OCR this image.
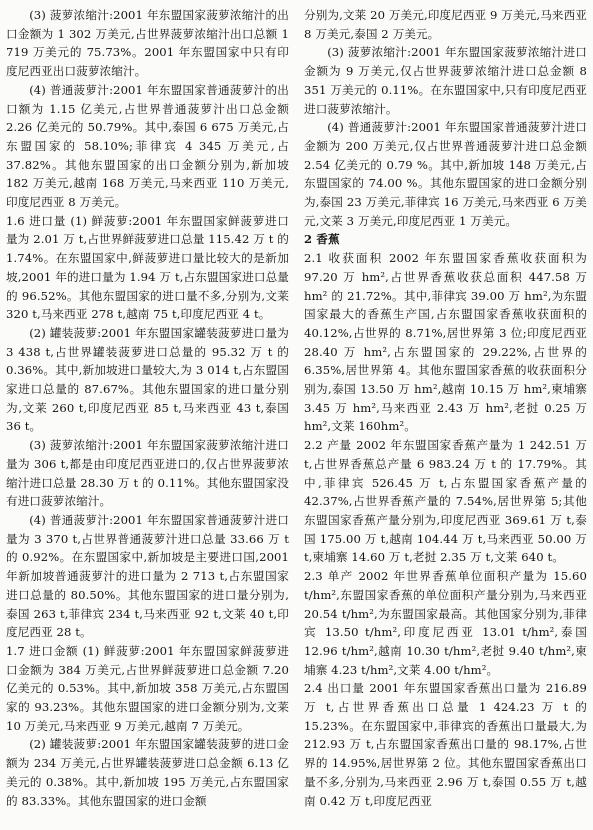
(3) 菠萝浓缩汁:2001 年东盟国家菠萝浓缩汁的出口金额为 1 302 万美元,占世界菠萝浓缩汁出口总额 1 719 万美元的 75.73%。2001 年东盟国家中只有印度尼西亚出口菠萝浓缩汁。

(4) 普通菠萝汁:2001 年东盟国家普通菠萝汁的出口额为 1.15 亿美元,占世界普通菠萝汁出口总金额 2.26 亿美元的 50.79%。其中,泰国 6 675 万美元,占东盟国家的 58.10%;菲律宾 4 345 万美元,占 37.82%。其他东盟国家的出口金额分别为,新加坡 182 万美元,越南 168 万美元,马来西亚 110 万美元,印度尼西亚 8 万美元。

1.6 进口量 (1) 鲜菠萝:2001 年东盟国家鲜菠萝进口量为 2.01 万 t,占世界鲜菠萝进口总量 115.42 万 t 的 1.74%。在东盟国家中,鲜菠萝进口量比较大的是新加坡,2001 年的进口量为 1.94 万 t,占东盟国家进口总量的 96.52%。其他东盟国家的进口量不多,分别为,文莱 320 t,马来西亚 278 t,越南 75 t,印度尼西亚 4 t。

(2) 罐装菠萝:2001 年东盟国家罐装菠萝进口量为 3 438 t,占世界罐装菠萝进口总量的 95.32 万 t 的 0.36%。其中,新加坡进口量较大,为 3 014 t,占东盟国家进口总量的 87.67%。其他东盟国家的进口量分别为,文莱 260 t,印度尼西亚 85 t,马来西亚 43 t,泰国 36 t。

(3) 菠萝浓缩汁:2001 年东盟国家菠萝浓缩汁进口量为 306 t,都是由印度尼西亚进口的,仅占世界菠萝浓缩汁进口总量 28.30 万 t 的 0.11%。其他东盟国家没有进口菠萝浓缩汁。

(4) 普通菠萝汁:2001 年东盟国家普通菠萝汁进口量为 3 370 t,占世界普通菠萝汁进口总量 33.66 万 t 的 0.92%。在东盟国家中,新加坡是主要进口国,2001 年新加坡普通菠萝汁的进口量为 2 713 t,占东盟国家进口总量的 80.50%。其他东盟国家的进口量分别为,泰国 263 t,菲律宾 234 t,马来西亚 92 t,文莱 40 t,印度尼西亚 28 t。

1.7 进口金额 (1) 鲜菠萝:2001 年东盟国家鲜菠萝进口金额为 384 万美元,占世界鲜菠萝进口总金额 7.20 亿美元的 0.53%。其中,新加坡 358 万美元,占东盟国家的 93.23%。其他东盟国家的进口金额分别为,文莱 10 万美元,马来西亚 9 万美元,越南 7 万美元。

(2) 罐装菠萝:2001 年东盟国家罐装菠萝的进口金额为 234 万美元,占世界罐装菠萝进口总金额 6.13 亿美元的 0.38%。其中,新加坡 195 万美元,占东盟国家的 83.33%。其他东盟国家的进口金额

分别为,文莱 20 万美元,印度尼西亚 9 万美元,马来西亚 8 万美元,泰国 2 万美元。

(3) 菠萝浓缩汁:2001 年东盟国家菠萝浓缩汁进口金额为 9 万美元,仅占世界菠萝浓缩汁进口总金额 8 351 万美元的 0.11%。在东盟国家中,只有印度尼西亚进口菠萝浓缩汁。

(4) 普通菠萝汁:2001 年东盟国家普通菠萝汁进口金额为 200 万美元,仅占世界普通菠萝汁进口总金额 2.54 亿美元的 0.79 %。其中,新加坡 148 万美元,占东盟国家的 74.00 %。其他东盟国家的进口金额分别为,泰国 23 万美元,菲律宾 16 万美元,马来西亚 6 万美元,文莱 3 万美元,印度尼西亚 1 万美元。

2 香蕉

2.1 收获面积 2002 年东盟国家香蕉收获面积为 97.20 万 hm²,占世界香蕉收获总面积 447.58 万 hm² 的 21.72%。其中,菲律宾 39.00 万 hm²,为东盟国家最大的香蕉生产国,占东盟国家香蕉收获面积的 40.12%,占世界的 8.71%,居世界第 3 位;印度尼西亚 28.40 万 hm²,占东盟国家的 29.22%,占世界的 6.35%,居世界第 4。其他东盟国家香蕉的收获面积分别为,泰国 13.50 万 hm²,越南 10.15 万 hm²,柬埔寨 3.45 万 hm²,马来西亚 2.43 万 hm²,老挝 0.25 万 hm²,文莱 160hm²。

2.2 产量 2002 年东盟国家香蕉产量为 1 242.51 万 t,占世界香蕉总产量 6 983.24 万 t 的 17.79%。其中,菲律宾 526.45 万 t,占东盟国家香蕉产量的 42.37%,占世界香蕉产量的 7.54%,居世界第 5;其他东盟国家香蕉产量分别为,印度尼西亚 369.61 万 t,泰国 175.00 万 t,越南 104.44 万 t,马来西亚 50.00 万 t,柬埔寨 14.60 万 t,老挝 2.35 万 t,文莱 640 t。

2.3 单产 2002 年世界香蕉单位面积产量为 15.60 t/hm²,东盟国家香蕉的单位面积产量分别为,马来西亚 20.54 t/hm²,为东盟国家最高。其他国家分别为,菲律宾 13.50 t/hm²,印度尼西亚 13.01 t/hm²,泰国 12.96 t/hm²,越南 10.30 t/hm²,老挝 9.40 t/hm²,柬埔寨 4.23 t/hm²,文莱 4.00 t/hm²。

2.4 出口量 2001 年东盟国家香蕉出口量为 216.89 万 t,占世界香蕉出口总量 1 424.23 万 t 的 15.23%。在东盟国家中,菲律宾的香蕉出口量最大,为 212.93 万 t,占东盟国家香蕉出口量的 98.17%,占世界的 14.95%,居世界第 2 位。其他东盟国家香蕉出口量不多,分别为,马来西亚 2.96 万 t,泰国 0.55 万 t,越南 0.42 万 t,印度尼西亚
